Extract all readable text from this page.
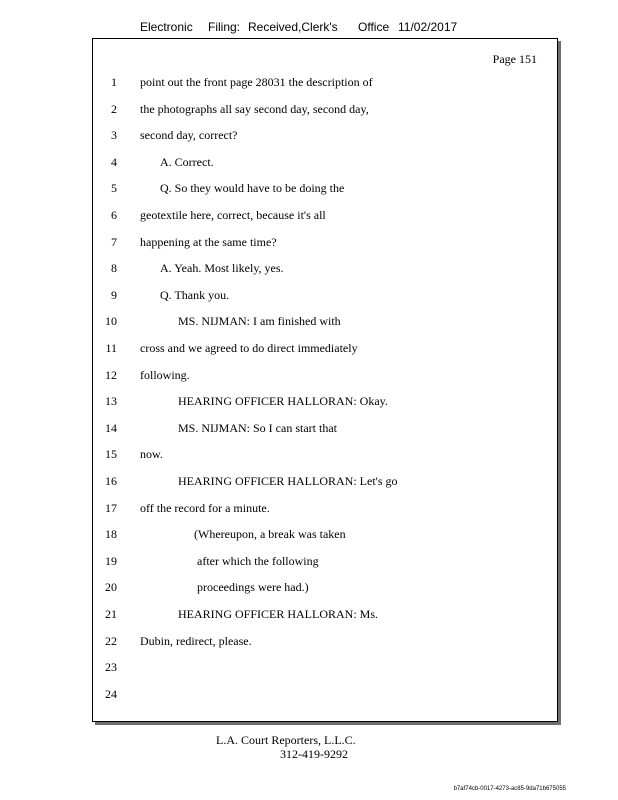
Electronic Filing: Received,Clerk's Office 11/02/2017
Page 151
1 point out the front page 28031 the description of
2 the photographs all say second day, second day,
3 second day, correct?
4	A. Correct.
5	Q. So they would have to be doing the
6 geotextile here, correct, because it's all
7 happening at the same time?
8	A. Yeah. Most likely, yes.
9	Q. Thank you.
10	MS. NIJMAN: I am finished with
11 cross and we agreed to do direct immediately
12 following.
13	HEARING OFFICER HALLORAN: Okay.
14	MS. NIJMAN: So I can start that
15 now.
16	HEARING OFFICER HALLORAN: Let's go
17 off the record for a minute.
18	(Whereupon, a break was taken
19	after which the following
20	proceedings were had.)
21	HEARING OFFICER HALLORAN: Ms.
22 Dubin, redirect, please.
23
24
L.A. Court Reporters, L.L.C.
312-419-9292
b7af74cb-0017-4273-ac85-9da71b675055
